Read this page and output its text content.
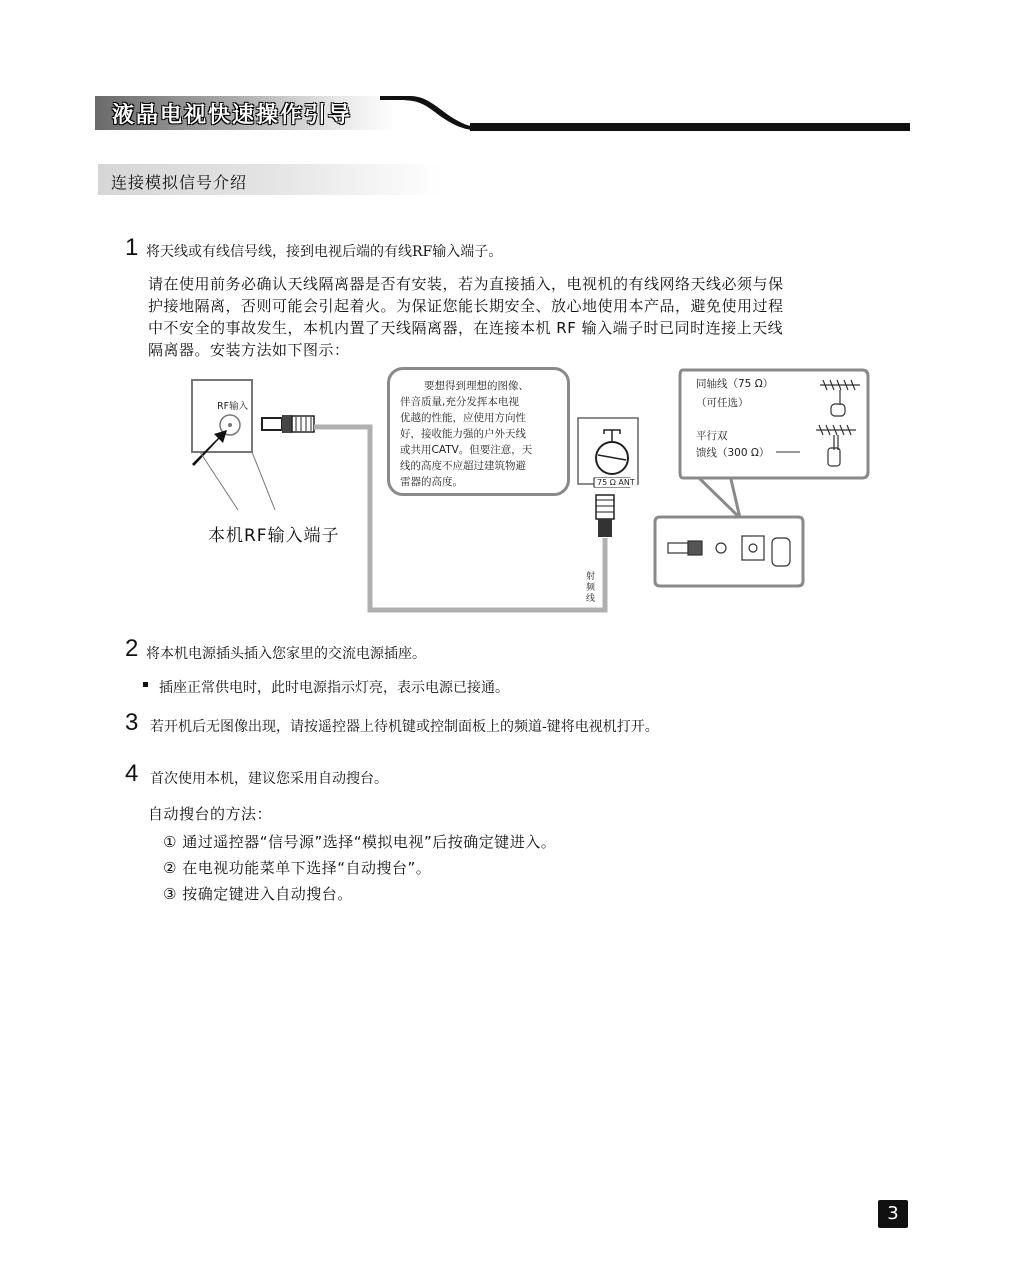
液晶电视快速操作引导
连接模拟信号介绍
1 将天线或有线信号线，接到电视后端的有线RF输入端子。
请在使用前务必确认天线隔离器是否有安装，若为直接插入，电视机的有线网络天线必须与保
护接地隔离，否则可能会引起着火。为保证您能长期安全、放心地使用本产品，避免使用过程
中不安全的事故发生，本机内置了天线隔离器，在连接本机 RF 输入端子时已同时连接上天线
隔离器。安装方法如下图示：
RF输入
本机RF输入端子
要想得到理想的图像、
伴音质量,充分发挥本电视
优越的性能，应使用方向性
好，接收能力强的户外天线
或共用CATV。但要注意，天
线的高度不应超过建筑物避
雷器的高度。	75 Ω ANT
同轴线（75 Ω）
（可任选）
平行双
馈线（300 Ω）
射频线
2 将本机电源插头插入您家里的交流电源插座。
插座正常供电时，此时电源指示灯亮，表示电源已接通。
3 若开机后无图像出现，请按遥控器上待机键或控制面板上的频道-键将电视机打开。
4 首次使用本机，建议您采用自动搜台。
自动搜台的方法：
① 通过遥控器“信号源”选择“模拟电视”后按确定键进入。
② 在电视功能菜单下选择“自动搜台”。
③ 按确定键进入自动搜台。
3
